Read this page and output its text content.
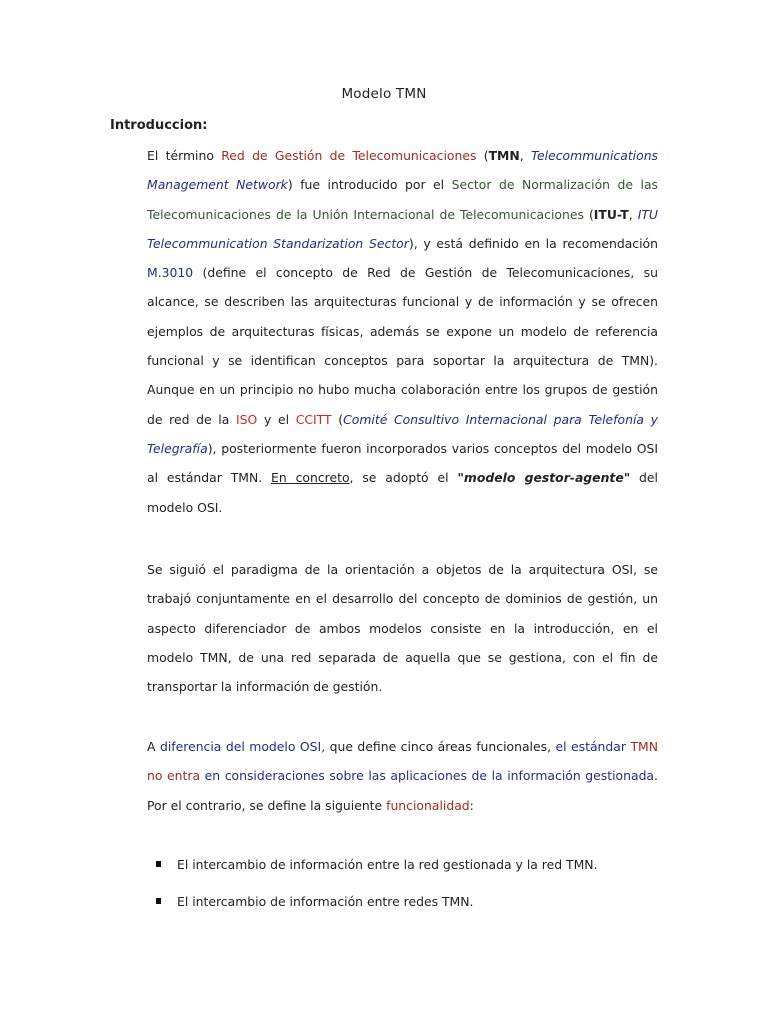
Modelo TMN
Introduccion:

El término Red de Gestión de Telecomunicaciones (TMN, Telecommunications Management Network) fue introducido por el Sector de Normalización de las Telecomunicaciones de la Unión Internacional de Telecomunicaciones (ITU-T, ITU Telecommunication Standarization Sector), y está definido en la recomendación M.3010 (define el concepto de Red de Gestión de Telecomunicaciones, su alcance, se describen las arquitecturas funcional y de información y se ofrecen ejemplos de arquitecturas físicas, además se expone un modelo de referencia funcional y se identifican conceptos para soportar la arquitectura de TMN). Aunque en un principio no hubo mucha colaboración entre los grupos de gestión de red de la ISO y el CCITT (Comité Consultivo Internacional para Telefonía y Telegrafía), posteriormente fueron incorporados varios conceptos del modelo OSI al estándar TMN. En concreto, se adoptó el "modelo gestor-agente" del modelo OSI.

Se siguió el paradigma de la orientación a objetos de la arquitectura OSI, se trabajó conjuntamente en el desarrollo del concepto de dominios de gestión, un aspecto diferenciador de ambos modelos consiste en la introducción, en el modelo TMN, de una red separada de aquella que se gestiona, con el fin de transportar la información de gestión.

A diferencia del modelo OSI, que define cinco áreas funcionales, el estándar TMN no entra en consideraciones sobre las aplicaciones de la información gestionada. Por el contrario, se define la siguiente funcionalidad:

El intercambio de información entre la red gestionada y la red TMN.
El intercambio de información entre redes TMN.
